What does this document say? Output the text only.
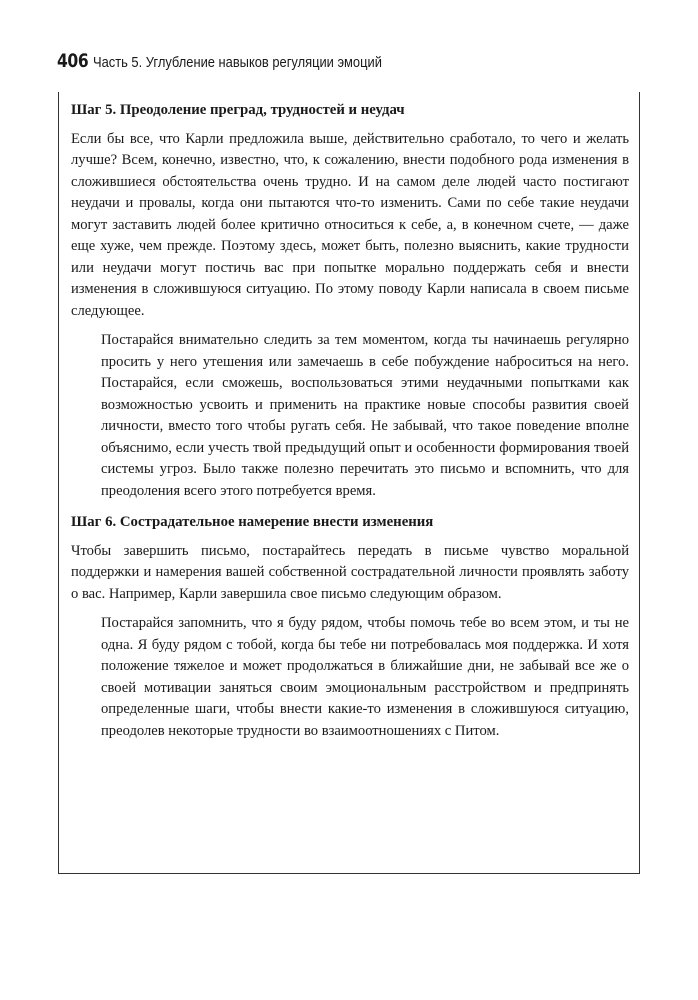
406 Часть 5. Углубление навыков регуляции эмоций
Шаг 5. Преодоление преград, трудностей и неудач

Если бы все, что Карли предложила выше, действительно сработало, то чего и желать лучше? Всем, конечно, известно, что, к сожалению, внести подобного рода изменения в сложившиеся обстоятельства очень трудно. И на самом деле людей часто постигают неудачи и провалы, когда они пытаются что-то изменить. Сами по себе такие неудачи могут заставить людей более критично относиться к себе, а, в конечном счете, — даже еще хуже, чем прежде. Поэтому здесь, может быть, полезно выяснить, какие трудности или неудачи могут постичь вас при попытке морально поддержать себя и внести изменения в сложившуюся ситуацию. По этому поводу Карли написала в своем письме следующее.

Постарайся внимательно следить за тем моментом, когда ты начинаешь регулярно просить у него утешения или замечаешь в себе побуждение наброситься на него. Постарайся, если сможешь, воспользоваться этими неудачными попытками как возможностью усвоить и применить на практике новые способы развития своей личности, вместо того чтобы ругать себя. Не забывай, что такое поведение вполне объяснимо, если учесть твой предыдущий опыт и особенности формирования твоей системы угроз. Было также полезно перечитать это письмо и вспомнить, что для преодоления всего этого потребуется время.

Шаг 6. Сострадательное намерение внести изменения

Чтобы завершить письмо, постарайтесь передать в письме чувство моральной поддержки и намерения вашей собственной сострадательной личности проявлять заботу о вас. Например, Карли завершила свое письмо следующим образом.

Постарайся запомнить, что я буду рядом, чтобы помочь тебе во всем этом, и ты не одна. Я буду рядом с тобой, когда бы тебе ни потребовалась моя поддержка. И хотя положение тяжелое и может продолжаться в ближайшие дни, не забывай все же о своей мотивации заняться своим эмоциональным расстройством и предпринять определенные шаги, чтобы внести какие-то изменения в сложившуюся ситуацию, преодолев некоторые трудности во взаимоотношениях с Питом.
